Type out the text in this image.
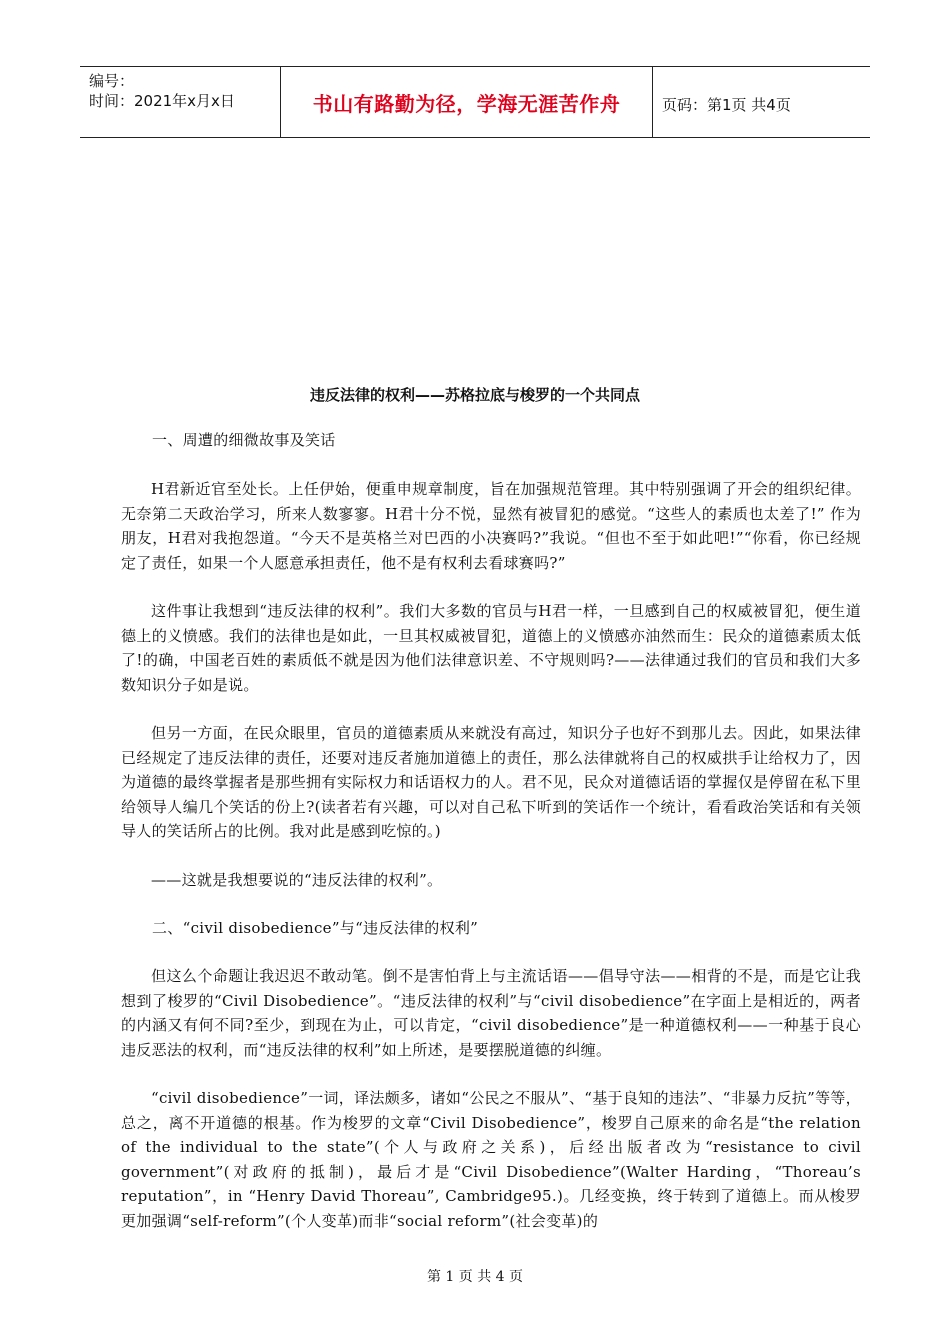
编号：
时间：2021年x月x日	书山有路勤为径，学海无涯苦作舟	页码：第1页 共4页
违反法律的权利——苏格拉底与梭罗的一个共同点
一、周遭的细微故事及笑话
H君新近官至处长。上任伊始，便重申规章制度，旨在加强规范管理。其中特别强调了开会的组织纪律。无奈第二天政治学习，所来人数寥寥。H君十分不悦，显然有被冒犯的感觉。“这些人的素质也太差了!” 作为朋友，H君对我抱怨道。“今天不是英格兰对巴西的小决赛吗?”我说。“但也不至于如此吧!”“你看，你已经规定了责任，如果一个人愿意承担责任，他不是有权利去看球赛吗?”
这件事让我想到“违反法律的权利”。我们大多数的官员与H君一样，一旦感到自己的权威被冒犯，便生道德上的义愤感。我们的法律也是如此，一旦其权威被冒犯，道德上的义愤感亦油然而生：民众的道德素质太低了!的确，中国老百姓的素质低不就是因为他们法律意识差、不守规则吗?——法律通过我们的官员和我们大多数知识分子如是说。
但另一方面，在民众眼里，官员的道德素质从来就没有高过，知识分子也好不到那儿去。因此，如果法律已经规定了违反法律的责任，还要对违反者施加道德上的责任，那么法律就将自己的权威拱手让给权力了，因为道德的最终掌握者是那些拥有实际权力和话语权力的人。君不见，民众对道德话语的掌握仅是停留在私下里给领导人编几个笑话的份上?(读者若有兴趣，可以对自己私下听到的笑话作一个统计，看看政治笑话和有关领导人的笑话所占的比例。我对此是感到吃惊的。)
——这就是我想要说的“违反法律的权利”。
二、“civil disobedience”与“违反法律的权利”
但这么个命题让我迟迟不敢动笔。倒不是害怕背上与主流话语——倡导守法——相背的不是，而是它让我想到了梭罗的“Civil Disobedience”。“违反法律的权利”与“civil disobedience”在字面上是相近的，两者的内涵又有何不同?至少，到现在为止，可以肯定，“civil disobedience”是一种道德权利——一种基于良心违反恶法的权利，而“违反法律的权利”如上所述，是要摆脱道德的纠缠。
“civil disobedience”一词，译法颇多，诸如“公民之不服从”、“基于良知的违法”、“非暴力反抗”等等，总之，离不开道德的根基。作为梭罗的文章“Civil Disobedience”，梭罗自己原来的命名是“the relation of the individual to the state”(个人与政府之关系)，后经出版者改为“resistance to civil government”(对政府的抵制)，最后才是“Civil Disobedience”(Walter Harding，“Thoreau’s reputation”，in “Henry David Thoreau”, Cambridge95.)。几经变换，终于转到了道德上。而从梭罗更加强调“self-reform”(个人变革)而非“social reform”(社会变革)的
第 1 页 共 4 页
